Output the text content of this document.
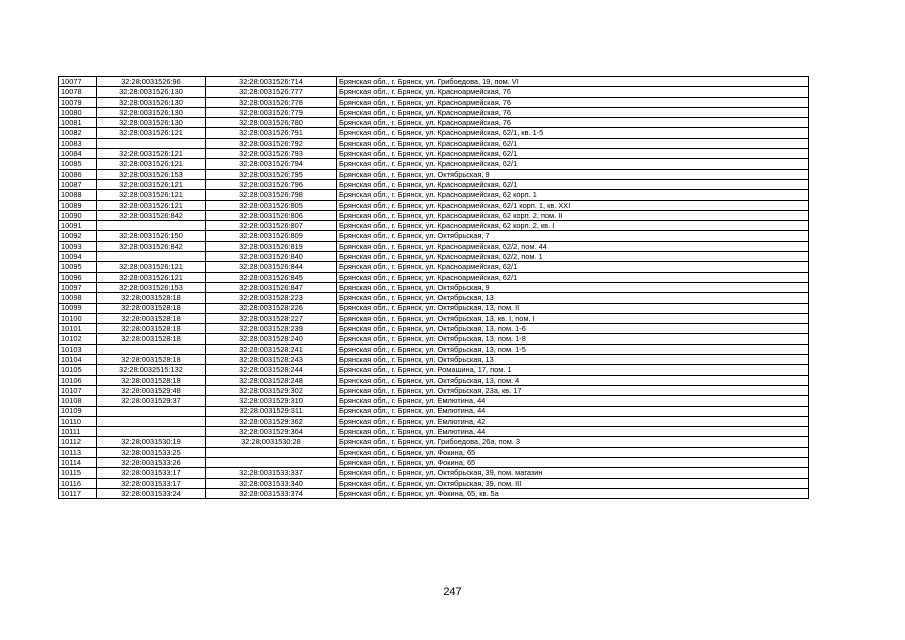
10077	32:28:0031526:96	32:28:0031526:714	Брянская обл., г. Брянск, ул. Грибоедова, 19, пом. VI
10078	32:28:0031526:130	32:28:0031526:777	Брянская обл., г. Брянск, ул. Красноармейская, 76
10079	32:28:0031526:130	32:28:0031526:778	Брянская обл., г. Брянск, ул. Красноармейская, 76
10080	32:28:0031526:130	32:28:0031526:779	Брянская обл., г. Брянск, ул. Красноармейская, 76
10081	32:28:0031526:130	32:28:0031526:780	Брянская обл., г. Брянск, ул. Красноармейская, 76
10082	32:28:0031526:121	32:28:0031526:791	Брянская обл., г. Брянск, ул. Красноармейская, 62/1, кв. 1-5
10083		32:28:0031526:792	Брянская обл., г. Брянск, ул. Красноармейская, 62/1
10084	32:28:0031526:121	32:28:0031526:793	Брянская обл., г. Брянск, ул. Красноармейская, 62/1
10085	32:28:0031526:121	32:28:0031526:794	Брянская обл., г. Брянск, ул. Красноармейская, 62/1
10086	32:28:0031526:153	32:28:0031526:795	Брянская обл., г. Брянск, ул. Октябрьская, 9
10087	32:28:0031526:121	32:28:0031526:796	Брянская обл., г. Брянск, ул. Красноармейская, 62/1
10088	32:28:0031526:121	32:28:0031526:798	Брянская обл., г. Брянск, ул. Красноармейская, 62 корп. 1
10089	32:28:0031526:121	32:28:0031526:805	Брянская обл., г. Брянск, ул. Красноармейская, 62/1 корп. 1, кв. XXI
10090	32:28:0031526:842	32:28:0031526:806	Брянская обл., г. Брянск, ул. Красноармейская, 62 корп. 2, пом. II
10091		32:28:0031526:807	Брянская обл., г. Брянск, ул. Красноармейская, 62 корп. 2, кв. I
10092	32:28:0031526:150	32:28:0031526:809	Брянская обл., г. Брянск, ул. Октябрьская, 7
10093	32:28:0031526:842	32:28:0031526:819	Брянская обл., г. Брянск, ул. Красноармейская, 62/2, пом. 44
10094		32:28:0031526:840	Брянская обл., г. Брянск, ул. Красноармейская, 62/2, пом. 1
10095	32:28:0031526:121	32:28:0031526:844	Брянская обл., г. Брянск, ул. Красноармейская, 62/1
10096	32:28:0031526:121	32:28:0031526:845	Брянская обл., г. Брянск, ул. Красноармейская, 62/1
10097	32:28:0031526:153	32:28:0031526:847	Брянская обл., г. Брянск, ул. Октябрьская, 9
10098	32:28:0031528:18	32:28:0031528:223	Брянская обл., г. Брянск, ул. Октябрьская, 13
10099	32:28:0031528:18	32:28:0031528:226	Брянская обл., г. Брянск, ул. Октябрьская, 13, пом. II
10100	32:28:0031528:18	32:28:0031528:227	Брянская обл., г. Брянск, ул. Октябрьская, 13, кв. I, пом. I
10101	32:28:0031528:18	32:28:0031528:239	Брянская обл., г. Брянск, ул. Октябрьская, 13, пом. 1-6
10102	32:28:0031528:18	32:28:0031528:240	Брянская обл., г. Брянск, ул. Октябрьская, 13, пом. 1-8
10103		32:28:0031528:241	Брянская обл., г. Брянск, ул. Октябрьская, 13, пом. 1-5
10104	32:28:0031528:18	32:28:0031528:243	Брянская обл., г. Брянск, ул. Октябрьская, 13
10105	32:28:0032515:132	32:28:0031528:244	Брянская обл., г. Брянск, ул. Ромашина, 17, пом. 1
10106	32:28:0031528:18	32:28:0031528:248	Брянская обл., г. Брянск, ул. Октябрьская, 13, пом. 4
10107	32:28:0031529:48	32:28:0031529:302	Брянская обл., г. Брянск, ул. Октябрьская, 23а, кв. 17
10108	32:28:0031529:37	32:28:0031529:310	Брянская обл., г. Брянск, ул. Емлютина, 44
10109		32:28:0031529:311	Брянская обл., г. Брянск, ул. Емлютина, 44
10110		32:28:0031529:362	Брянская обл., г. Брянск, ул. Емлютина, 42
10111		32:28:0031529:364	Брянская обл., г. Брянск, ул. Емлютина, 44
10112	32:28:0031530:19	32:28:0031530:28	Брянская обл., г. Брянск, ул. Грибоедова, 26а, пом. 3
10113	32:28:0031533:25		Брянская обл., г. Брянск, ул. Фокина, 65
10114	32:28:0031533:26		Брянская обл., г. Брянск, ул. Фокина, 65
10115	32:28:0031533:17	32:28:0031533:337	Брянская обл., г. Брянск, ул. Октябрьская, 39, пом. магазин
10116	32:28:0031533:17	32:28:0031533:340	Брянская обл., г. Брянск, ул. Октябрьская, 39, пом. III
10117	32:28:0031533:24	32:28:0031533:374	Брянская обл., г. Брянск, ул. Фокина, 65, кв. 5а
247
